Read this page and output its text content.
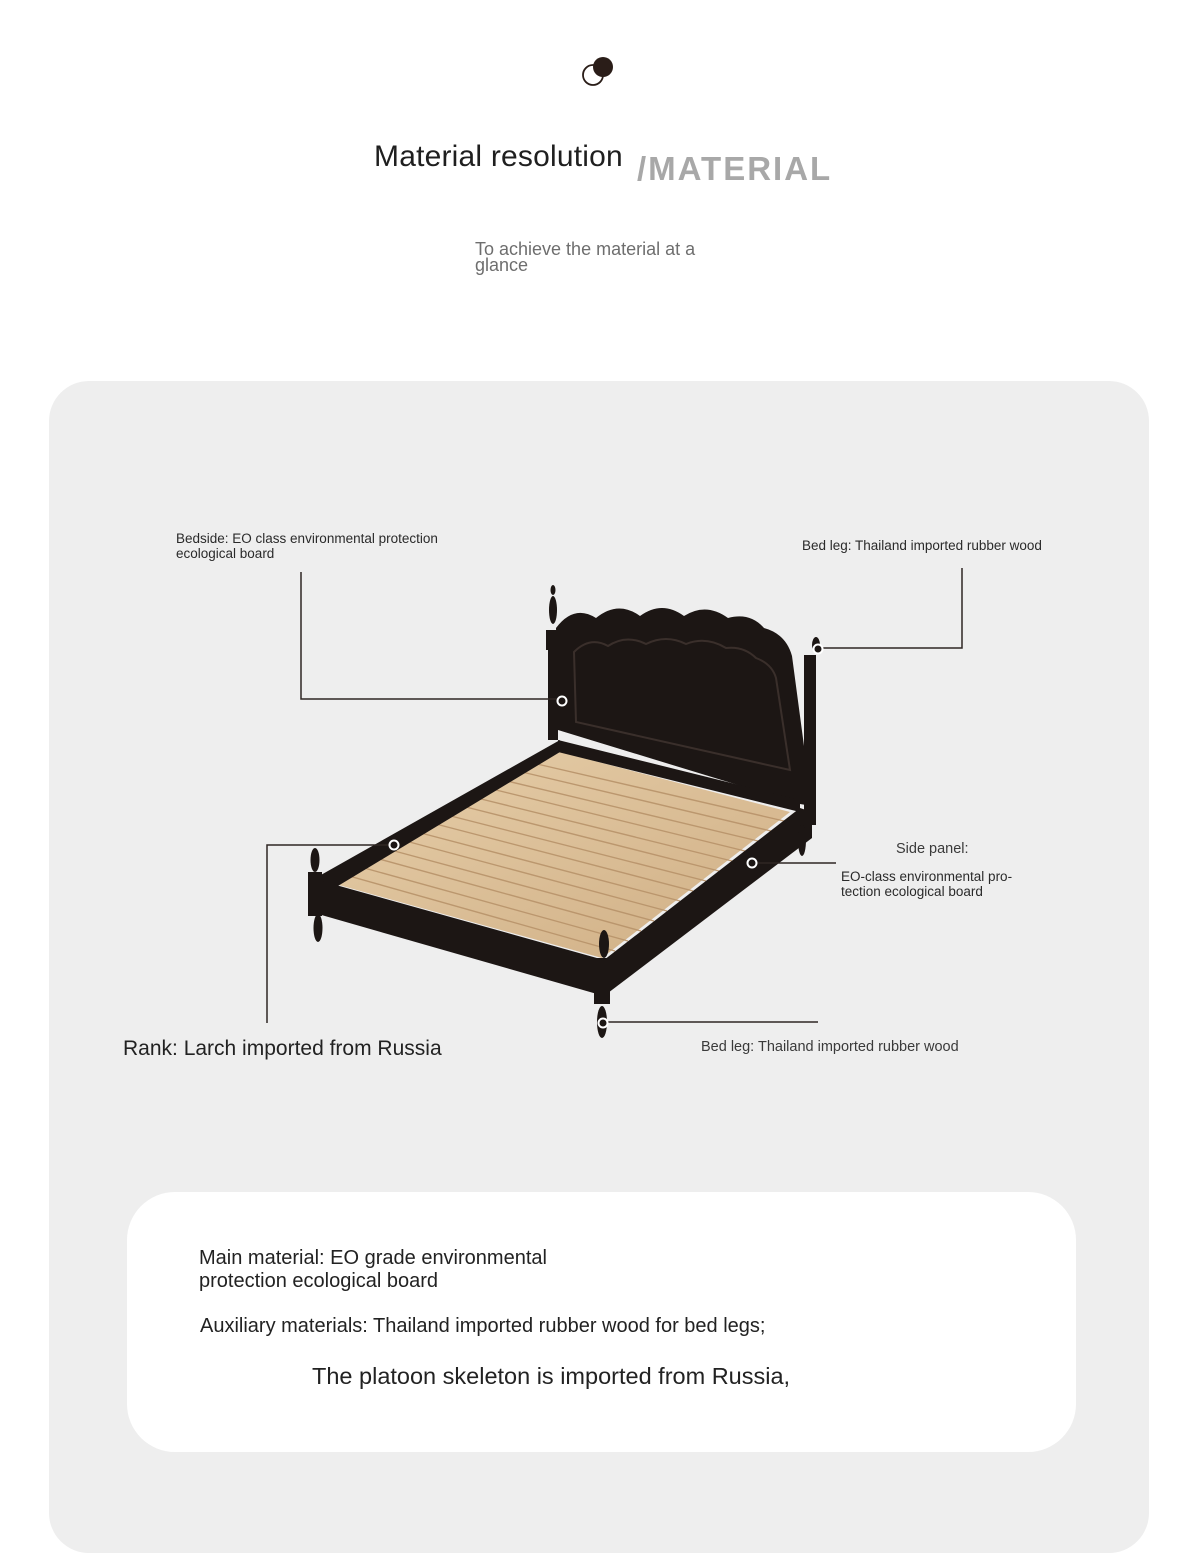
Material resolution /MATERIAL
To achieve the material at a glance
Bedside: EO class environmental protection ecological board
Bed leg: Thailand imported rubber wood
Side panel:
EO-class environmental pro-tection ecological board
Rank: Larch imported from Russia	Bed leg: Thailand imported rubber wood
Main material: EO grade environmental protection ecological board
Auxiliary materials: Thailand imported rubber wood for bed legs;
The platoon skeleton is imported from Russia,
